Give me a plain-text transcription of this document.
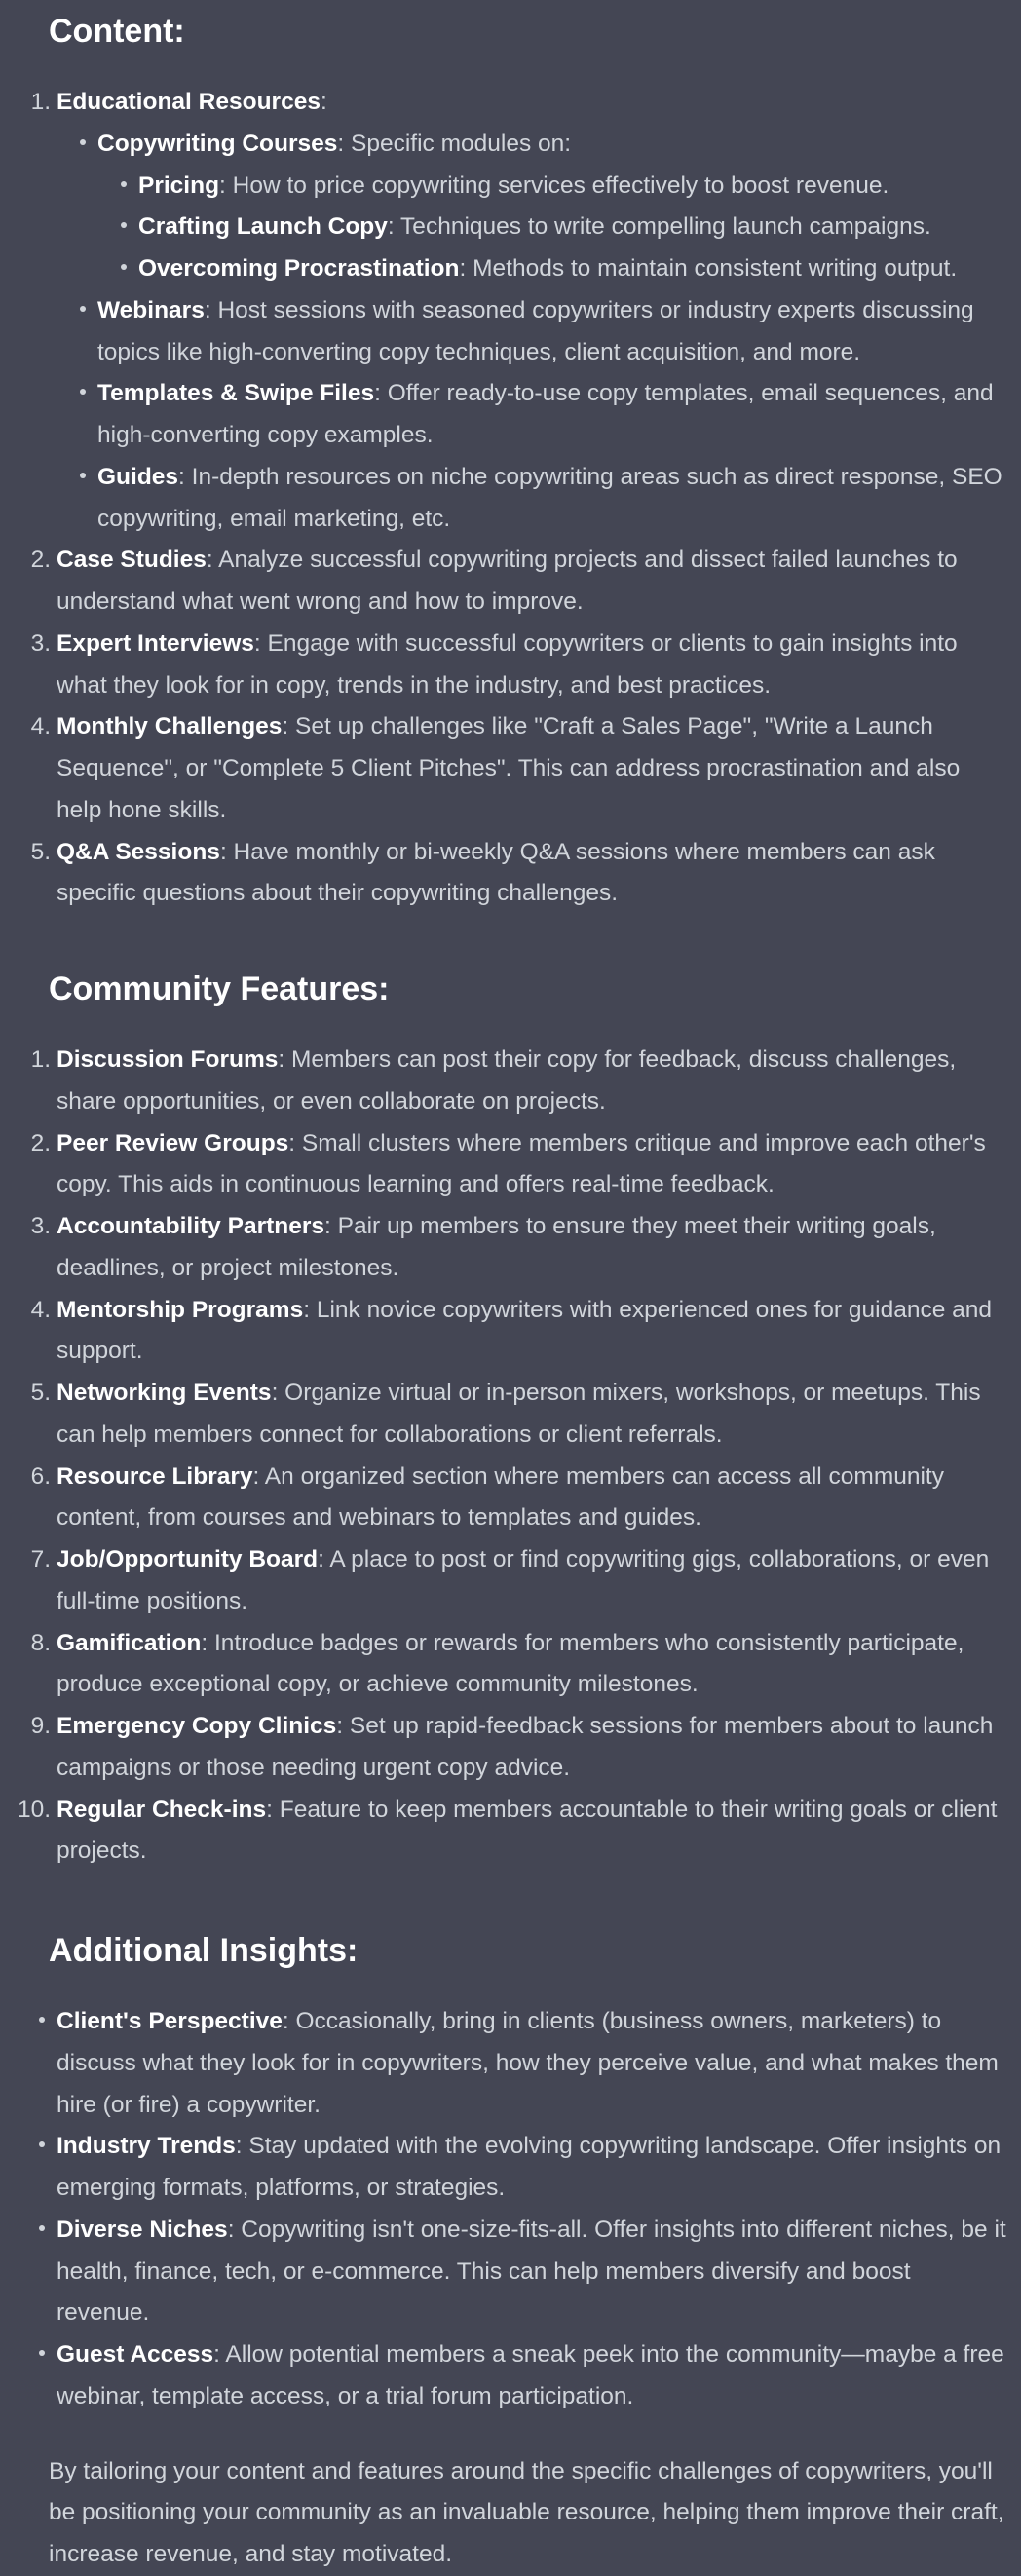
Content:
1. Educational Resources:
Copywriting Courses: Specific modules on:
Pricing: How to price copywriting services effectively to boost revenue.
Crafting Launch Copy: Techniques to write compelling launch campaigns.
Overcoming Procrastination: Methods to maintain consistent writing output.
Webinars: Host sessions with seasoned copywriters or industry experts discussing topics like high-converting copy techniques, client acquisition, and more.
Templates & Swipe Files: Offer ready-to-use copy templates, email sequences, and high-converting copy examples.
Guides: In-depth resources on niche copywriting areas such as direct response, SEO copywriting, email marketing, etc.
2. Case Studies: Analyze successful copywriting projects and dissect failed launches to understand what went wrong and how to improve.
3. Expert Interviews: Engage with successful copywriters or clients to gain insights into what they look for in copy, trends in the industry, and best practices.
4. Monthly Challenges: Set up challenges like "Craft a Sales Page", "Write a Launch Sequence", or "Complete 5 Client Pitches". This can address procrastination and also help hone skills.
5. Q&A Sessions: Have monthly or bi-weekly Q&A sessions where members can ask specific questions about their copywriting challenges.
Community Features:
1. Discussion Forums: Members can post their copy for feedback, discuss challenges, share opportunities, or even collaborate on projects.
2. Peer Review Groups: Small clusters where members critique and improve each other's copy. This aids in continuous learning and offers real-time feedback.
3. Accountability Partners: Pair up members to ensure they meet their writing goals, deadlines, or project milestones.
4. Mentorship Programs: Link novice copywriters with experienced ones for guidance and support.
5. Networking Events: Organize virtual or in-person mixers, workshops, or meetups. This can help members connect for collaborations or client referrals.
6. Resource Library: An organized section where members can access all community content, from courses and webinars to templates and guides.
7. Job/Opportunity Board: A place to post or find copywriting gigs, collaborations, or even full-time positions.
8. Gamification: Introduce badges or rewards for members who consistently participate, produce exceptional copy, or achieve community milestones.
9. Emergency Copy Clinics: Set up rapid-feedback sessions for members about to launch campaigns or those needing urgent copy advice.
10. Regular Check-ins: Feature to keep members accountable to their writing goals or client projects.
Additional Insights:
Client's Perspective: Occasionally, bring in clients (business owners, marketers) to discuss what they look for in copywriters, how they perceive value, and what makes them hire (or fire) a copywriter.
Industry Trends: Stay updated with the evolving copywriting landscape. Offer insights on emerging formats, platforms, or strategies.
Diverse Niches: Copywriting isn't one-size-fits-all. Offer insights into different niches, be it health, finance, tech, or e-commerce. This can help members diversify and boost revenue.
Guest Access: Allow potential members a sneak peek into the community—maybe a free webinar, template access, or a trial forum participation.

By tailoring your content and features around the specific challenges of copywriters, you'll be positioning your community as an invaluable resource, helping them improve their craft, increase revenue, and stay motivated.
